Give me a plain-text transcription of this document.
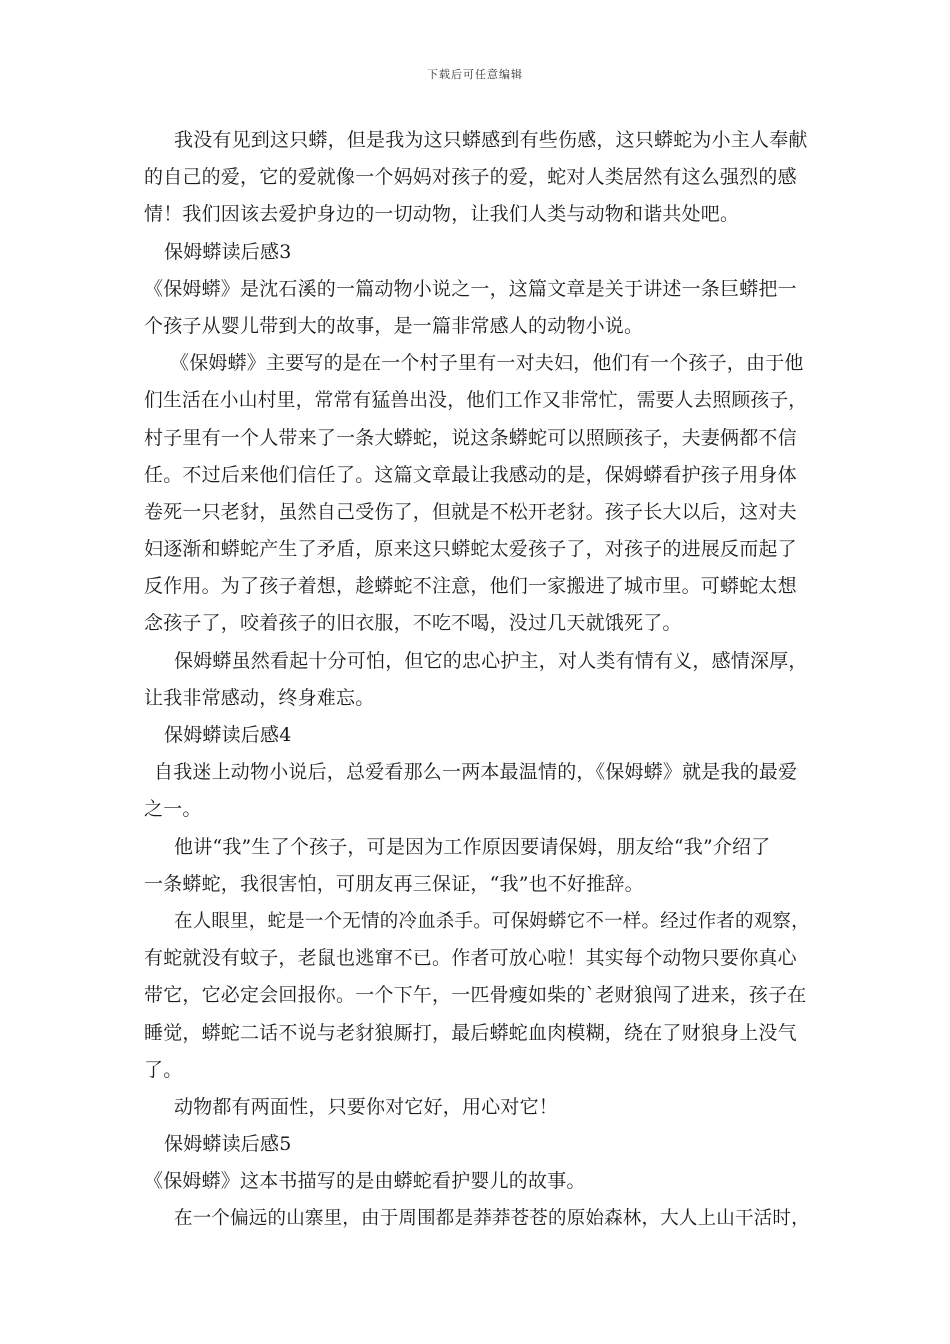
下载后可任意编辑
我没有见到这只蟒，但是我为这只蟒感到有些伤感，这只蟒蛇为小主人奉献
的自己的爱，它的爱就像一个妈妈对孩子的爱，蛇对人类居然有这么强烈的感
情！我们因该去爱护身边的一切动物，让我们人类与动物和谐共处吧。
保姆蟒读后感3
《保姆蟒》是沈石溪的一篇动物小说之一，这篇文章是关于讲述一条巨蟒把一
个孩子从婴儿带到大的故事，是一篇非常感人的动物小说。
《保姆蟒》主要写的是在一个村子里有一对夫妇，他们有一个孩子，由于他
们生活在小山村里，常常有猛兽出没，他们工作又非常忙，需要人去照顾孩子，
村子里有一个人带来了一条大蟒蛇，说这条蟒蛇可以照顾孩子，夫妻俩都不信
任。不过后来他们信任了。这篇文章最让我感动的是，保姆蟒看护孩子用身体
卷死一只老豺，虽然自己受伤了，但就是不松开老豺。孩子长大以后，这对夫
妇逐渐和蟒蛇产生了矛盾，原来这只蟒蛇太爱孩子了，对孩子的进展反而起了
反作用。为了孩子着想，趁蟒蛇不注意，他们一家搬进了城市里。可蟒蛇太想
念孩子了，咬着孩子的旧衣服，不吃不喝，没过几天就饿死了。
保姆蟒虽然看起十分可怕，但它的忠心护主，对人类有情有义，感情深厚，
让我非常感动，终身难忘。
保姆蟒读后感4
自我迷上动物小说后，总爱看那么一两本最温情的，《保姆蟒》就是我的最爱
之一。
他讲“我”生了个孩子，可是因为工作原因要请保姆，朋友给“我”介绍了
一条蟒蛇，我很害怕，可朋友再三保证，“我”也不好推辞。
在人眼里，蛇是一个无情的冷血杀手。可保姆蟒它不一样。经过作者的观察，
有蛇就没有蚊子，老鼠也逃窜不已。作者可放心啦！其实每个动物只要你真心
带它，它必定会回报你。一个下午，一匹骨瘦如柴的`老财狼闯了进来，孩子在
睡觉，蟒蛇二话不说与老豺狼厮打，最后蟒蛇血肉模糊，绕在了财狼身上没气
了。
动物都有两面性，只要你对它好，用心对它！
保姆蟒读后感5
《保姆蟒》这本书描写的是由蟒蛇看护婴儿的故事。
在一个偏远的山寨里，由于周围都是莽莽苍苍的原始森林，大人上山干活时，
